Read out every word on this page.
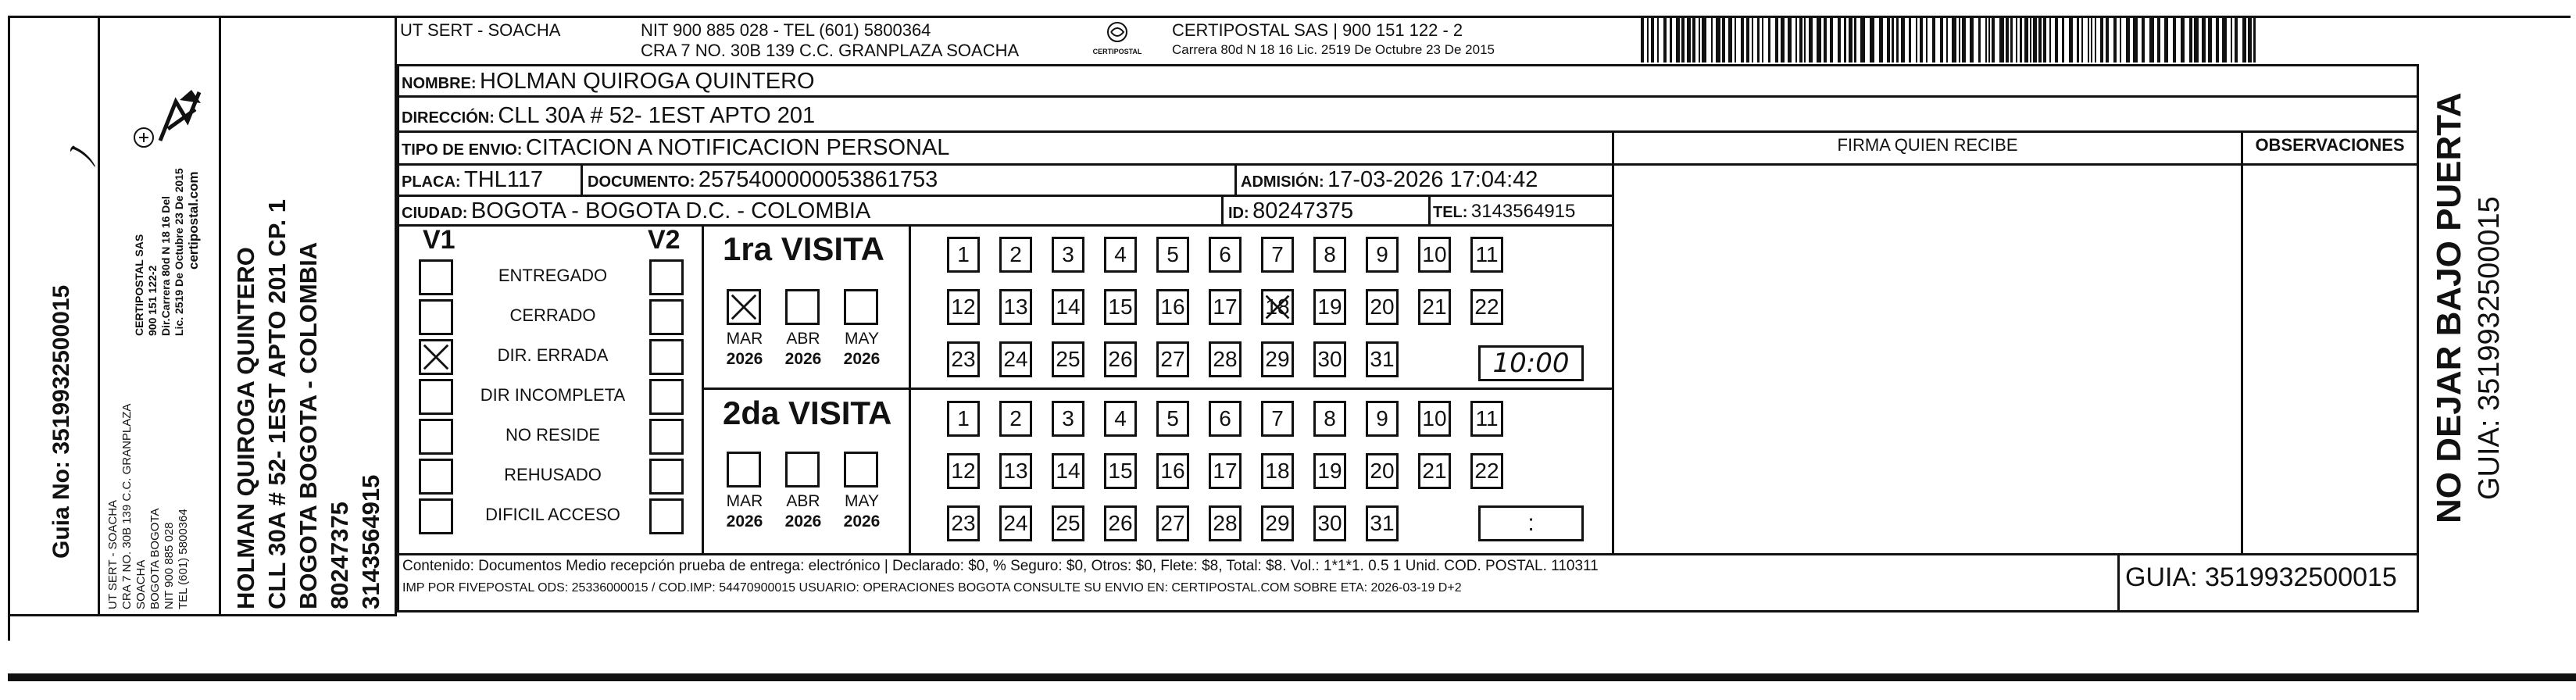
Guia No: 3519932500015
ノ
UT SERT - SOACHA CRA 7 NO. 30B 139 C.C. GRANPLAZA SOACHA BOGOTA BOGOTA NIT 900 885 028 TEL (601) 5800364
CERTIPOSTAL SAS 900 151 122-2 Dir.Carrera 80d N 18 16 Del Lic. 2519 De Octubre 23 De 2015 certipostal.com
HOLMAN QUIROGA QUINTERO CLL 30A # 52- 1EST APTO 201 CP. 1 BOGOTA BOGOTA - COLOMBIA 80247375 3143564915
UT SERT - SOACHA	NIT 900 885 028 - TEL (601) 5800364
CRA 7 NO. 30B 139 C.C. GRANPLAZA SOACHA	CERTIPOSTAL
CERTIPOSTAL SAS | 900 151 122 - 2
Carrera 80d N 18 16 Lic. 2519 De Octubre 23 De 2015
NOMBRE: HOLMAN QUIROGA QUINTERO
DIRECCIÓN: CLL 30A # 52- 1EST APTO 201
TIPO DE ENVIO: CITACION A NOTIFICACION PERSONAL
PLACA: THL117	DOCUMENTO: 2575400000053861753	ADMISIÓN: 17-03-2026 17:04:42
CIUDAD: BOGOTA - BOGOTA D.C. - COLOMBIA	ID: 80247375	TEL: 3143564915
FIRMA QUIEN RECIBE	OBSERVACIONES
V1	V2
ENTREGADO
CERRADO
DIR. ERRADA
DIR INCOMPLETA
NO RESIDE
REHUSADO
DIFICIL ACCESO
1ra VISITA
2da VISITA
MAR
2026
ABR
2026
MAY
2026
MAR
2026
ABR
2026
MAY
2026
1 2 3 4 5 6 7 8 9 10 11
12 13 14 15 16 17 18 19 20 21 22
23 24 25 26 27 28 29 30 31
1 2 3 4 5 6 7 8 9 10 11
12 13 14 15 16 17 18 19 20 21 22
23 24 25 26 27 28 29 30 31
10:00
:
Contenido: Documentos Medio recepción prueba de entrega: electrónico | Declarado: $0, % Seguro: $0, Otros: $0, Flete: $8, Total: $8. Vol.: 1*1*1. 0.5 1 Unid. COD. POSTAL. 110311
IMP POR FIVEPOSTAL ODS: 25336000015 / COD.IMP: 54470900015 USUARIO: OPERACIONES BOGOTA CONSULTE SU ENVIO EN: CERTIPOSTAL.COM SOBRE ETA: 2026-03-19 D+2	GUIA: 3519932500015
NO DEJAR BAJO PUERTA GUIA: 3519932500015
